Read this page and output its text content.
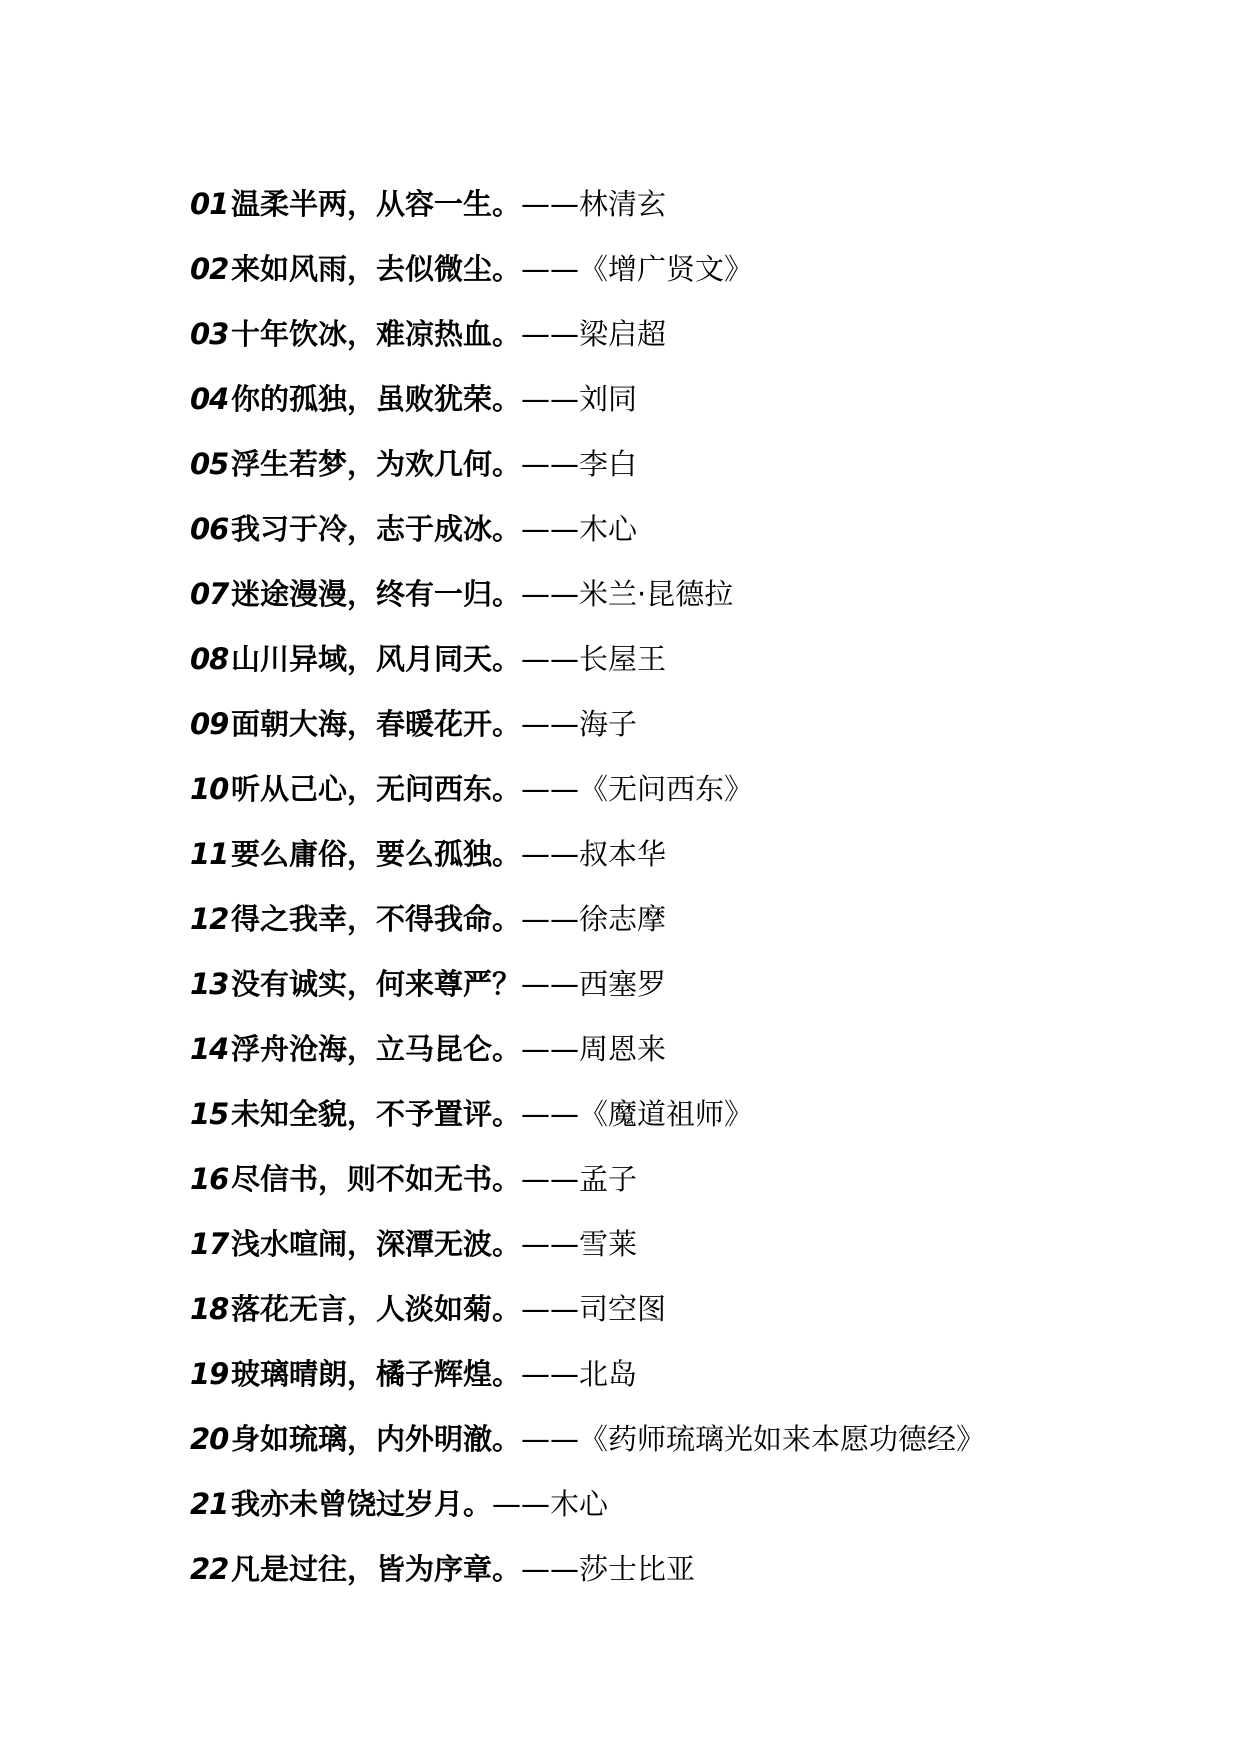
01 温柔半两，从容一生。 ——林清玄
02 来如风雨，去似微尘。 ——《增广贤文》
03 十年饮冰，难凉热血。 ——梁启超
04 你的孤独，虽败犹荣。 ——刘同
05 浮生若梦，为欢几何。 ——李白
06 我习于冷，志于成冰。 ——木心
07 迷途漫漫，终有一归。 ——米兰·昆德拉
08 山川异域，风月同天。 ——长屋王
09 面朝大海，春暖花开。 ——海子
10 听从己心，无问西东。 ——《无问西东》
11 要么庸俗，要么孤独。 ——叔本华
12 得之我幸，不得我命。 ——徐志摩
13 没有诚实，何来尊严？ ——西塞罗
14 浮舟沧海，立马昆仑。 ——周恩来
15 未知全貌，不予置评。 ——《魔道祖师》
16 尽信书，则不如无书。 ——孟子
17 浅水喧闹，深潭无波。 ——雪莱
18 落花无言，人淡如菊。 ——司空图
19 玻璃晴朗，橘子辉煌。 ——北岛
20 身如琉璃，内外明澈。 ——《药师琉璃光如来本愿功德经》
21 我亦未曾饶过岁月。 ——木心
22 凡是过往，皆为序章。 ——莎士比亚
